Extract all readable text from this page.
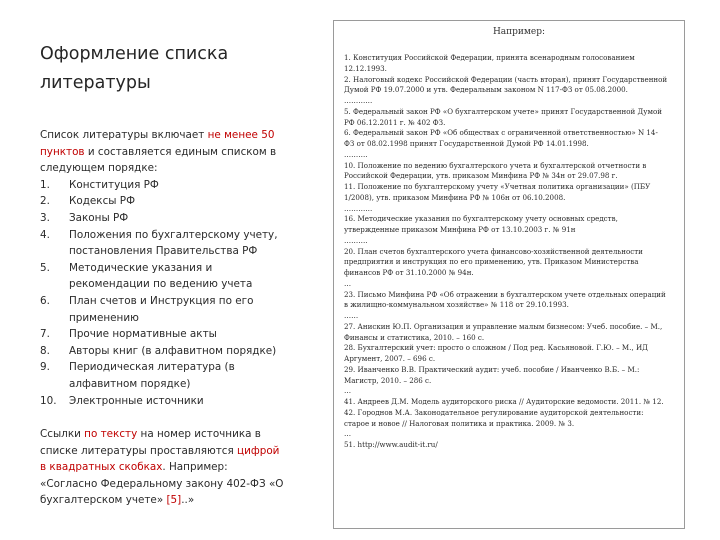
Оформление списка
литературы
Список литературы включает не менее 50 пунктов и составляется единым списком в следующем порядке:
1.	Конституция РФ
2.	Кодексы РФ
3.	Законы РФ
4.	Положения по бухгалтерскому учету, постановления Правительства РФ
5.	Методические указания и рекомендации по ведению учета
6.	План счетов и Инструкция по его применению
7.	Прочие нормативные акты
8.	Авторы книг (в алфавитном порядке)
9.	Периодическая литература (в алфавитном порядке)
10.	Электронные источники
Ссылки по тексту на номер источника в списке литературы проставляются цифрой в квадратных скобках. Например:
«Согласно Федеральному закону 402-ФЗ «О бухгалтерском учете» [5]..»
Например:
1. Конституция Российской Федерации, принята всенародным голосованием
12.12.1993.
2. Налоговый кодекс Российской Федерации (часть вторая), принят Государственной
Думой РФ 19.07.2000 и утв. Федеральным законом N 117-ФЗ от 05.08.2000.
…………
5. Федеральный закон РФ «О бухгалтерском учете» принят Государственной Думой
РФ 06.12.2011 г. № 402 ФЗ.
6. Федеральный закон РФ «Об обществах с ограниченной ответственностью» N 14-
ФЗ от 08.02.1998 принят Государственной Думой РФ 14.01.1998.
……….
10. Положение по ведению бухгалтерского учета и бухгалтерской отчетности в
Российской Федерации, утв. приказом Минфина РФ № 34н от 29.07.98 г.
11. Положение по бухгалтерскому учету «Учетная политика организации» (ПБУ
1/2008), утв. приказом Минфина РФ № 106н от 06.10.2008.
…………
16. Методические указания по бухгалтерскому учету основных средств,
утвержденные приказом Минфина РФ от 13.10.2003 г. № 91н
……….
20. План счетов бухгалтерского учета финансово-хозяйственной деятельности
предприятия и инструкция по его применению, утв. Приказом Министерства
финансов РФ от 31.10.2000 № 94н.
…
23. Письмо Минфина РФ «Об отражении в бухгалтерском учете отдельных операций
в жилищно-коммунальном хозяйстве» № 118 от 29.10.1993.
……
27. Анискин Ю.П. Организация и управление малым бизнесом: Учеб. пособие. – М.,
Финансы и статистика, 2010. – 160 с.
28. Бухгалтерский учет: просто о сложном / Под ред. Касьяновой. Г.Ю. – М., ИД
Аргумент, 2007. – 696 с.
29. Иванченко В.В. Практический аудит: учеб. пособие / Иванченко В.Б. – М.:
Магистр, 2010. – 286 с.
…
41. Андреев Д.М. Модель аудиторского риска // Аудиторские ведомости. 2011. № 12.
42. Городнов М.А. Законодательное регулирование аудиторской деятельности:
старое и новое // Налоговая политика и практика. 2009. № 3.
…
51. http://www.audit-it.ru/
